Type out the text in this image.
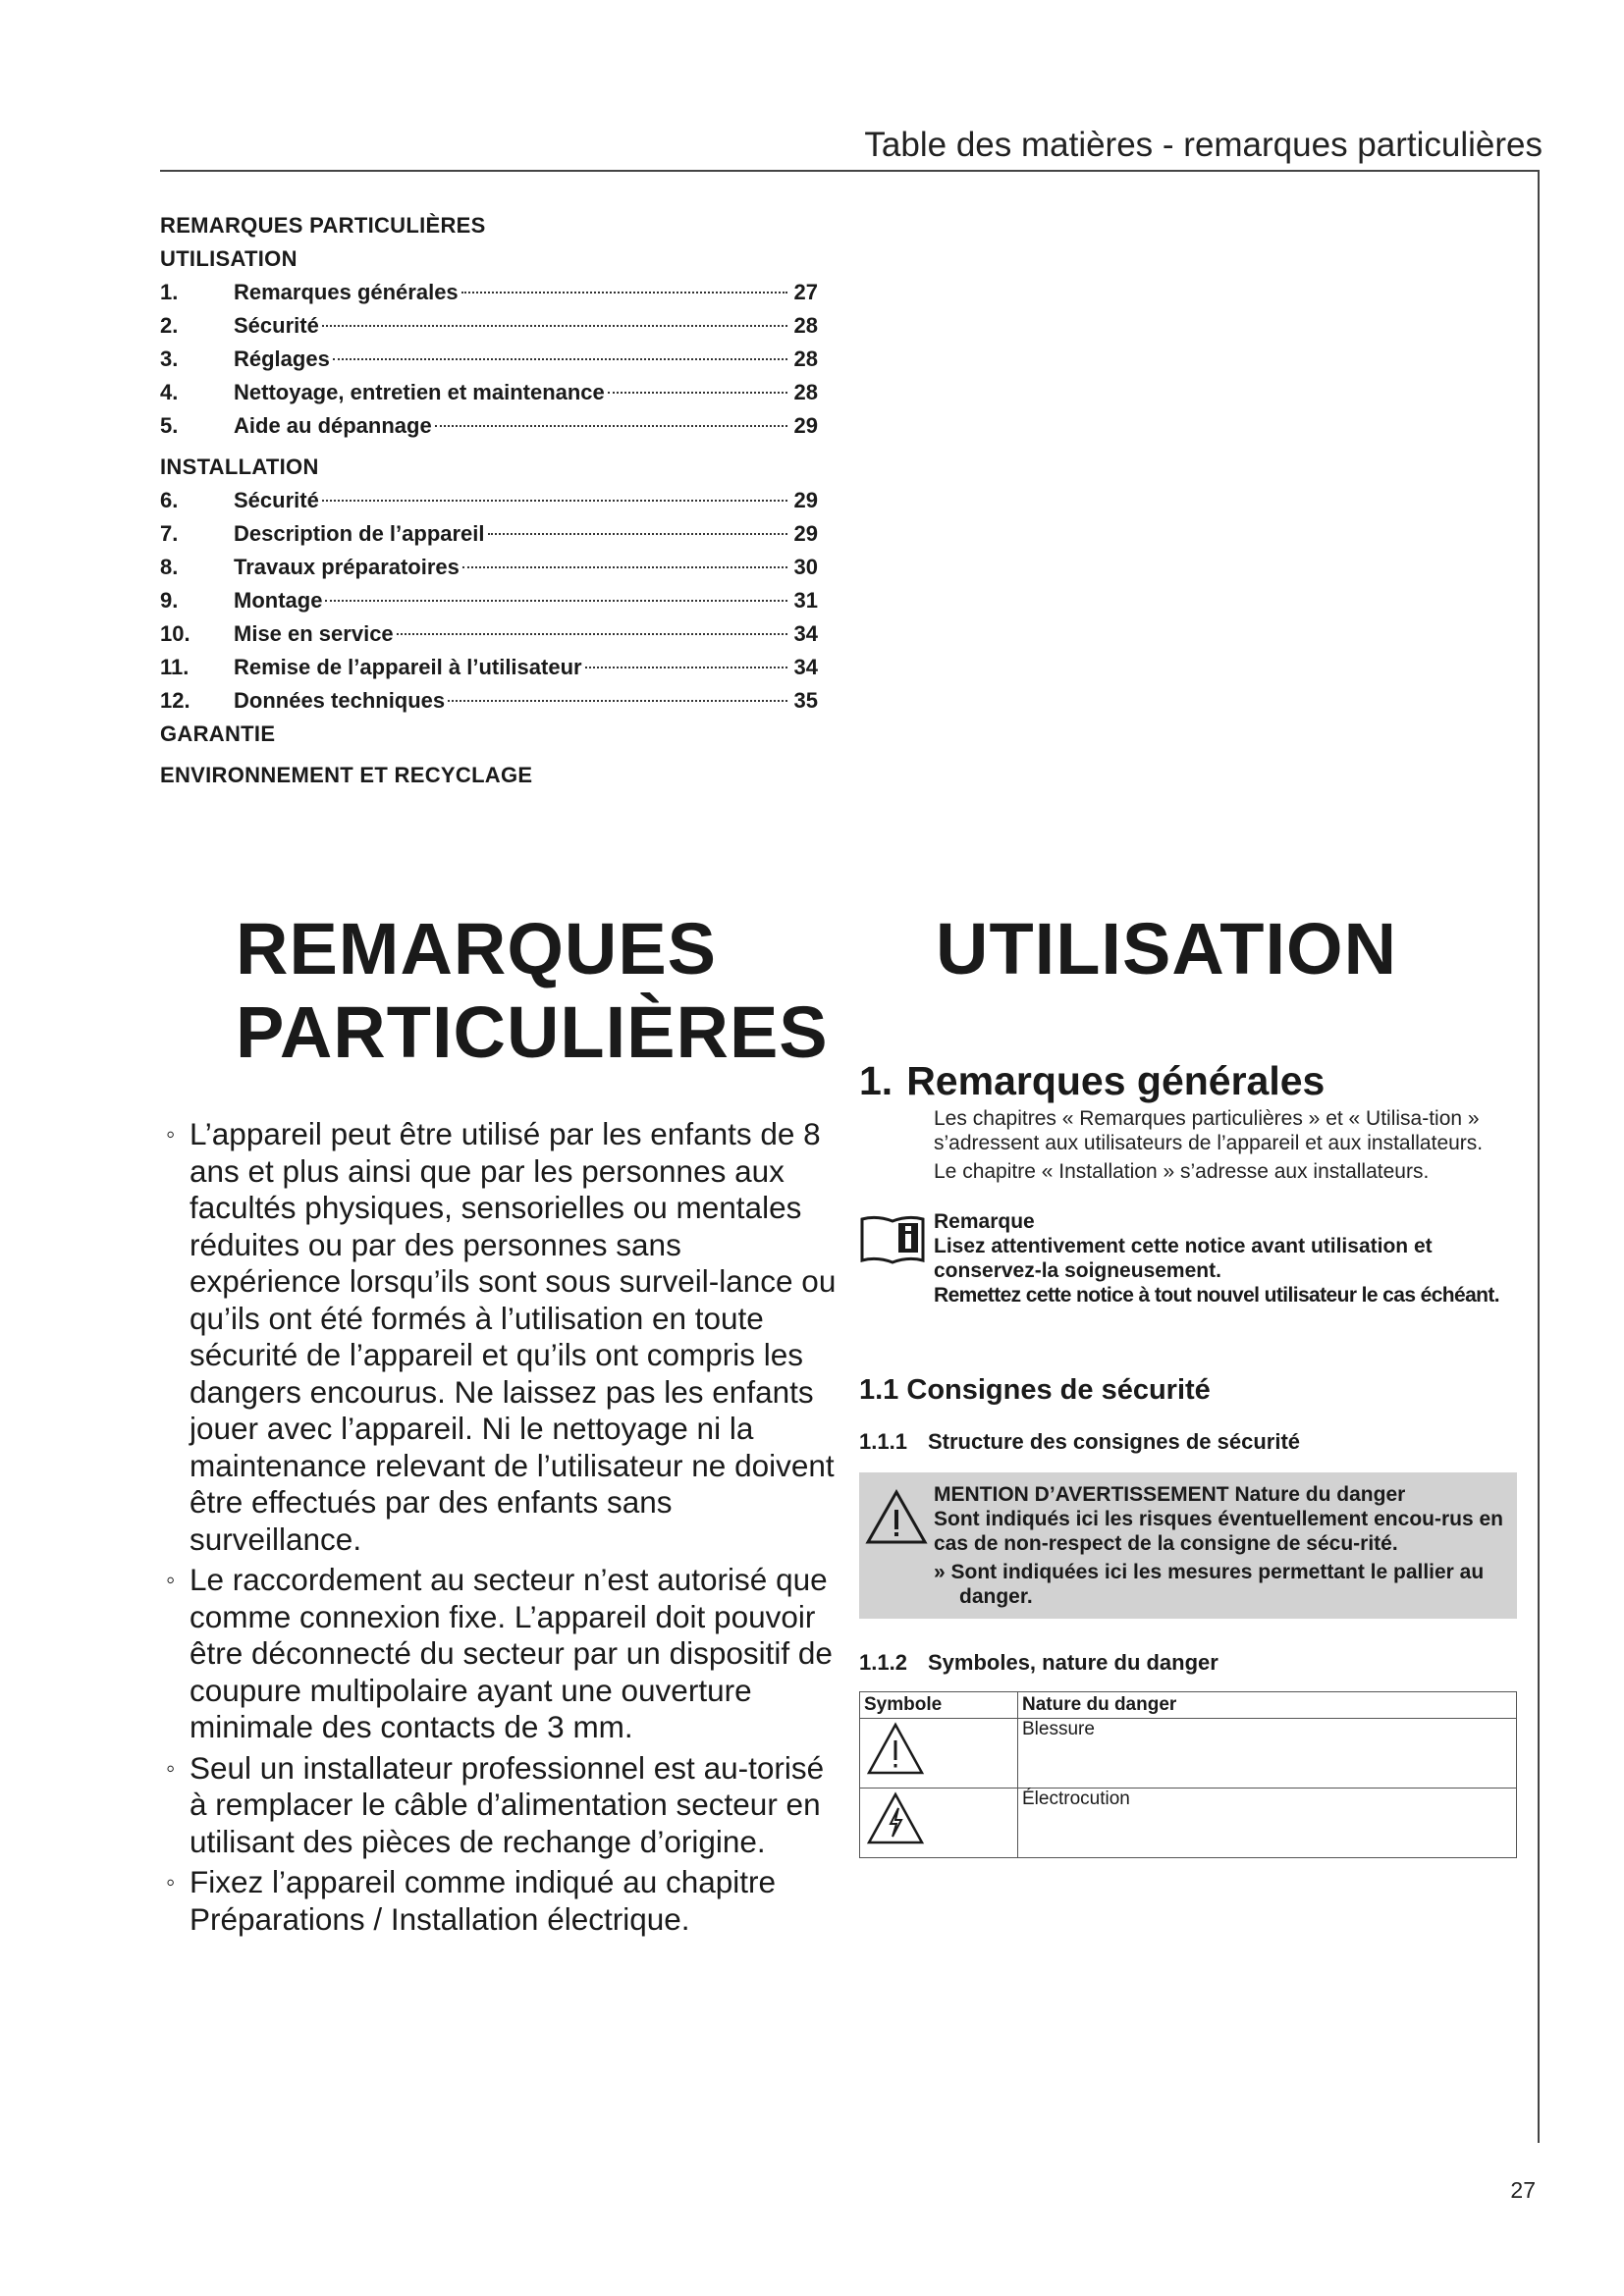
Table des matières - remarques particulières
REMARQUES PARTICULIÈRES
UTILISATION
1.	Remarques générales	27
2.	Sécurité	28
3.	Réglages	28
4.	Nettoyage, entretien et maintenance	28
5.	Aide au dépannage	29
INSTALLATION
6.	Sécurité	29
7.	Description de l’appareil	29
8.	Travaux préparatoires	30
9.	Montage	31
10.	Mise en service	34
11.	Remise de l’appareil à l’utilisateur	34
12.	Données techniques	35
GARANTIE
ENVIRONNEMENT ET RECYCLAGE
REMARQUES
PARTICULIÈRES
◦ L’appareil peut être utilisé par les enfants de 8 ans et plus ainsi que par les personnes aux facultés physiques, sensorielles ou mentales réduites ou par des personnes sans expérience lorsqu’ils sont sous surveil-lance ou qu’ils ont été formés à l’utilisation en toute sécurité de l’appareil et qu’ils ont compris les dangers encourus. Ne laissez pas les enfants jouer avec l’appareil. Ni le nettoyage ni la maintenance relevant de l’utilisateur ne doivent être effectués par des enfants sans surveillance.
◦ Le raccordement au secteur n’est autorisé que comme connexion fixe. L’appareil doit pouvoir être déconnecté du secteur par un dispositif de coupure multipolaire ayant une ouverture minimale des contacts de 3 mm.
◦ Seul un installateur professionnel est au-torisé à remplacer le câble d’alimentation secteur en utilisant des pièces de rechange d’origine.
◦ Fixez l’appareil comme indiqué au chapitre Préparations / Installation électrique.
UTILISATION
1. Remarques générales
Les chapitres « Remarques particulières » et « Utilisa-tion » s’adressent aux utilisateurs de l’appareil et aux installateurs.
Le chapitre « Installation » s’adresse aux installateurs.
Remarque
Lisez attentivement cette notice avant utilisation et conservez-la soigneusement.
Remettez cette notice à tout nouvel utilisateur le cas échéant.
1.1 Consignes de sécurité
1.1.1 Structure des consignes de sécurité
MENTION D’AVERTISSEMENT Nature du danger
Sont indiqués ici les risques éventuellement encou-rus en cas de non-respect de la consigne de sécu-rité.
» Sont indiquées ici les mesures permettant le pallier au danger.
1.1.2 Symboles, nature du danger
Symbole	Nature du danger

	Blessure

	Électrocution
27
